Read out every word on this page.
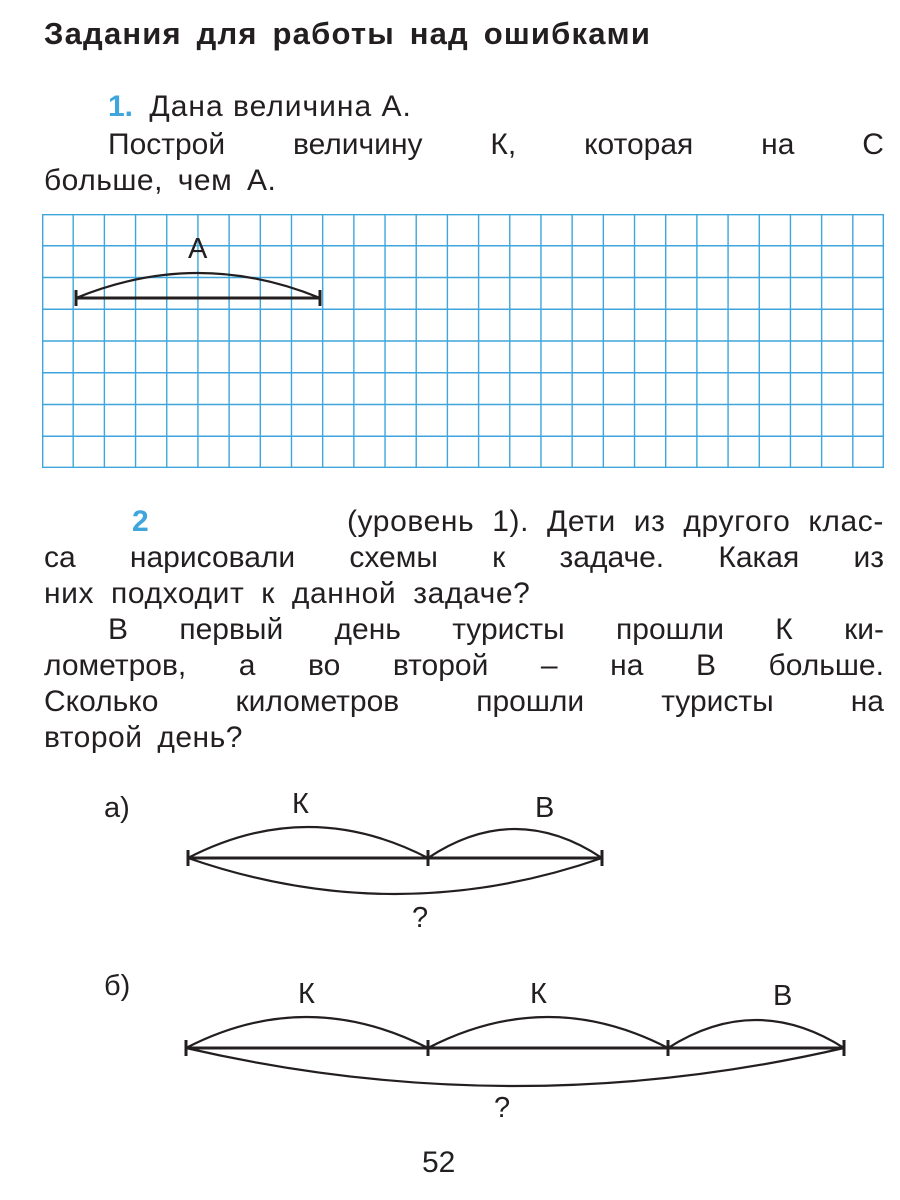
Задания для работы над ошибками
1. Дана величина А.
Построй величину К, которая на С
больше, чем А.
А
2	(уровень 1). Дети из другого клас-
са нарисовали схемы к задаче. Какая из
них подходит к данной задаче?
В первый день туристы прошли К ки-
лометров, а во второй – на В больше.
Сколько	километров	прошли	туристы	на
второй день?
а)	К	В
?
б)	К	К	В
?
52
